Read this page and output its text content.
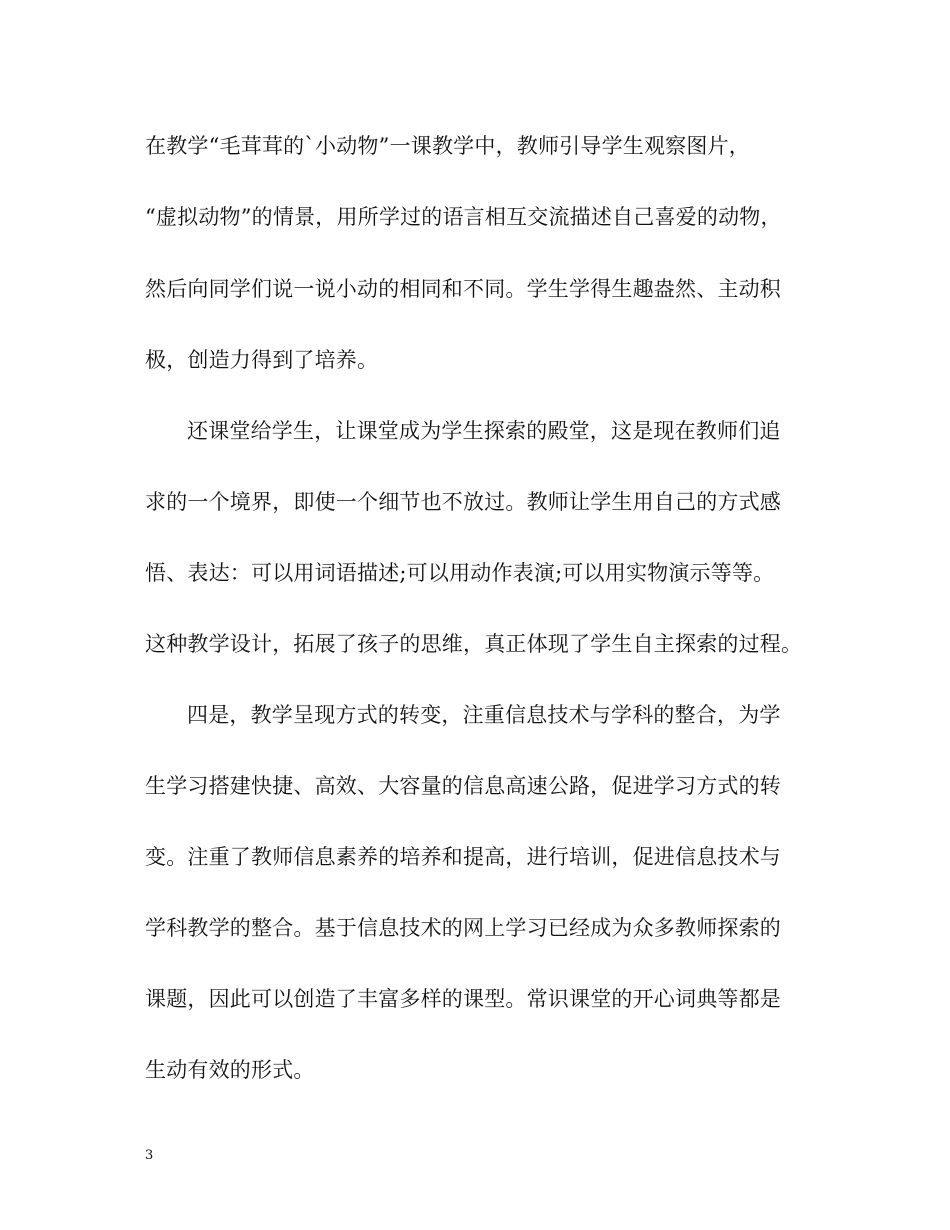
在教学“毛茸茸的`小动物”一课教学中，教师引导学生观察图片，
“虚拟动物”的情景，用所学过的语言相互交流描述自己喜爱的动物，
然后向同学们说一说小动的相同和不同。学生学得生趣盎然、主动积
极，创造力得到了培养。
还课堂给学生，让课堂成为学生探索的殿堂，这是现在教师们追
求的一个境界，即使一个细节也不放过。教师让学生用自己的方式感
悟、表达：可以用词语描述;可以用动作表演;可以用实物演示等等。
这种教学设计，拓展了孩子的思维，真正体现了学生自主探索的过程。
四是，教学呈现方式的转变，注重信息技术与学科的整合，为学
生学习搭建快捷、高效、大容量的信息高速公路，促进学习方式的转
变。注重了教师信息素养的培养和提高，进行培训，促进信息技术与
学科教学的整合。基于信息技术的网上学习已经成为众多教师探索的
课题，因此可以创造了丰富多样的课型。常识课堂的开心词典等都是
生动有效的形式。
3
